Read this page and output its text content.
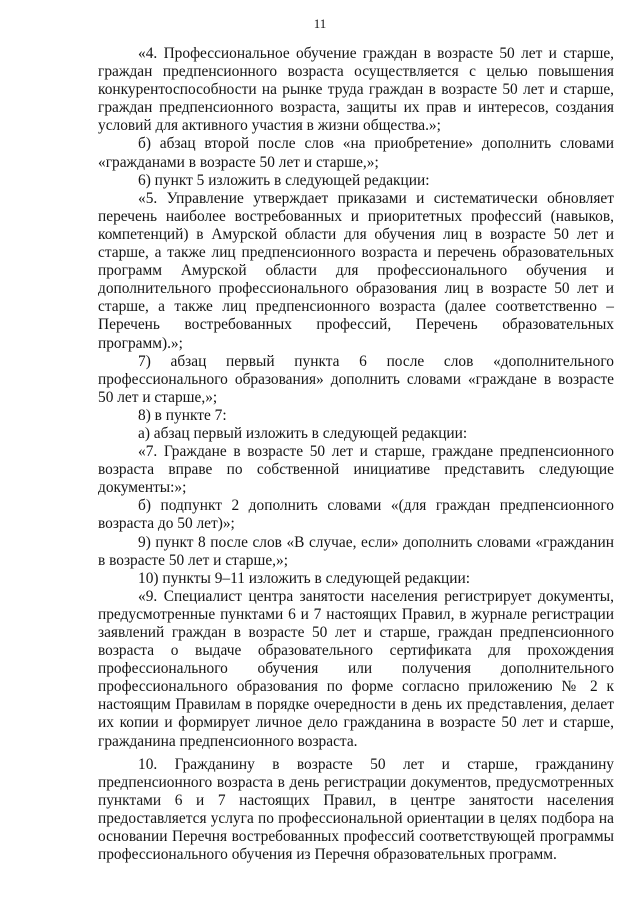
11

«4. Профессиональное обучение граждан в возрасте 50 лет и старше, граждан предпенсионного возраста осуществляется с целью повышения конкурентоспособности на рынке труда граждан в возрасте 50 лет и старше, граждан предпенсионного возраста, защиты их прав и интересов, создания условий для активного участия в жизни общества.»;

б) абзац второй после слов «на приобретение» дополнить словами «гражданами в возрасте 50 лет и старше,»;

6) пункт 5 изложить в следующей редакции:

«5. Управление утверждает приказами и систематически обновляет перечень наиболее востребованных и приоритетных профессий (навыков, компетенций) в Амурской области для обучения лиц в возрасте 50 лет и старше, а также лиц предпенсионного возраста и перечень образовательных программ Амурской области для профессионального обучения и дополнительного профессионального образования лиц в возрасте 50 лет и старше, а также лиц предпенсионного возраста (далее соответственно – Перечень востребованных профессий, Перечень образовательных программ).»;

7) абзац первый пункта 6 после слов «дополнительного профессионального образования» дополнить словами «граждане в возрасте 50 лет и старше,»;

8) в пункте 7:

а) абзац первый изложить в следующей редакции:

«7. Граждане в возрасте 50 лет и старше, граждане предпенсионного возраста вправе по собственной инициативе представить следующие документы:»;

б) подпункт 2 дополнить словами «(для граждан предпенсионного возраста до 50 лет)»;

9) пункт 8 после слов «В случае, если» дополнить словами «гражданин в возрасте 50 лет и старше,»;

10) пункты 9–11 изложить в следующей редакции:

«9. Специалист центра занятости населения регистрирует документы, предусмотренные пунктами 6 и 7 настоящих Правил, в журнале регистрации заявлений граждан в возрасте 50 лет и старше, граждан предпенсионного возраста о выдаче образовательного сертификата для прохождения профессионального обучения или получения дополнительного профессионального образования по форме согласно приложению № 2 к настоящим Правилам в порядке очередности в день их представления, делает их копии и формирует личное дело гражданина в возрасте 50 лет и старше, гражданина предпенсионного возраста.

10. Гражданину в возрасте 50 лет и старше, гражданину предпенсионного возраста в день регистрации документов, предусмотренных пунктами 6 и 7 настоящих Правил, в центре занятости населения предоставляется услуга по профессиональной ориентации в целях подбора на основании Перечня востребованных профессий соответствующей программы профессионального обучения из Перечня образовательных программ.
